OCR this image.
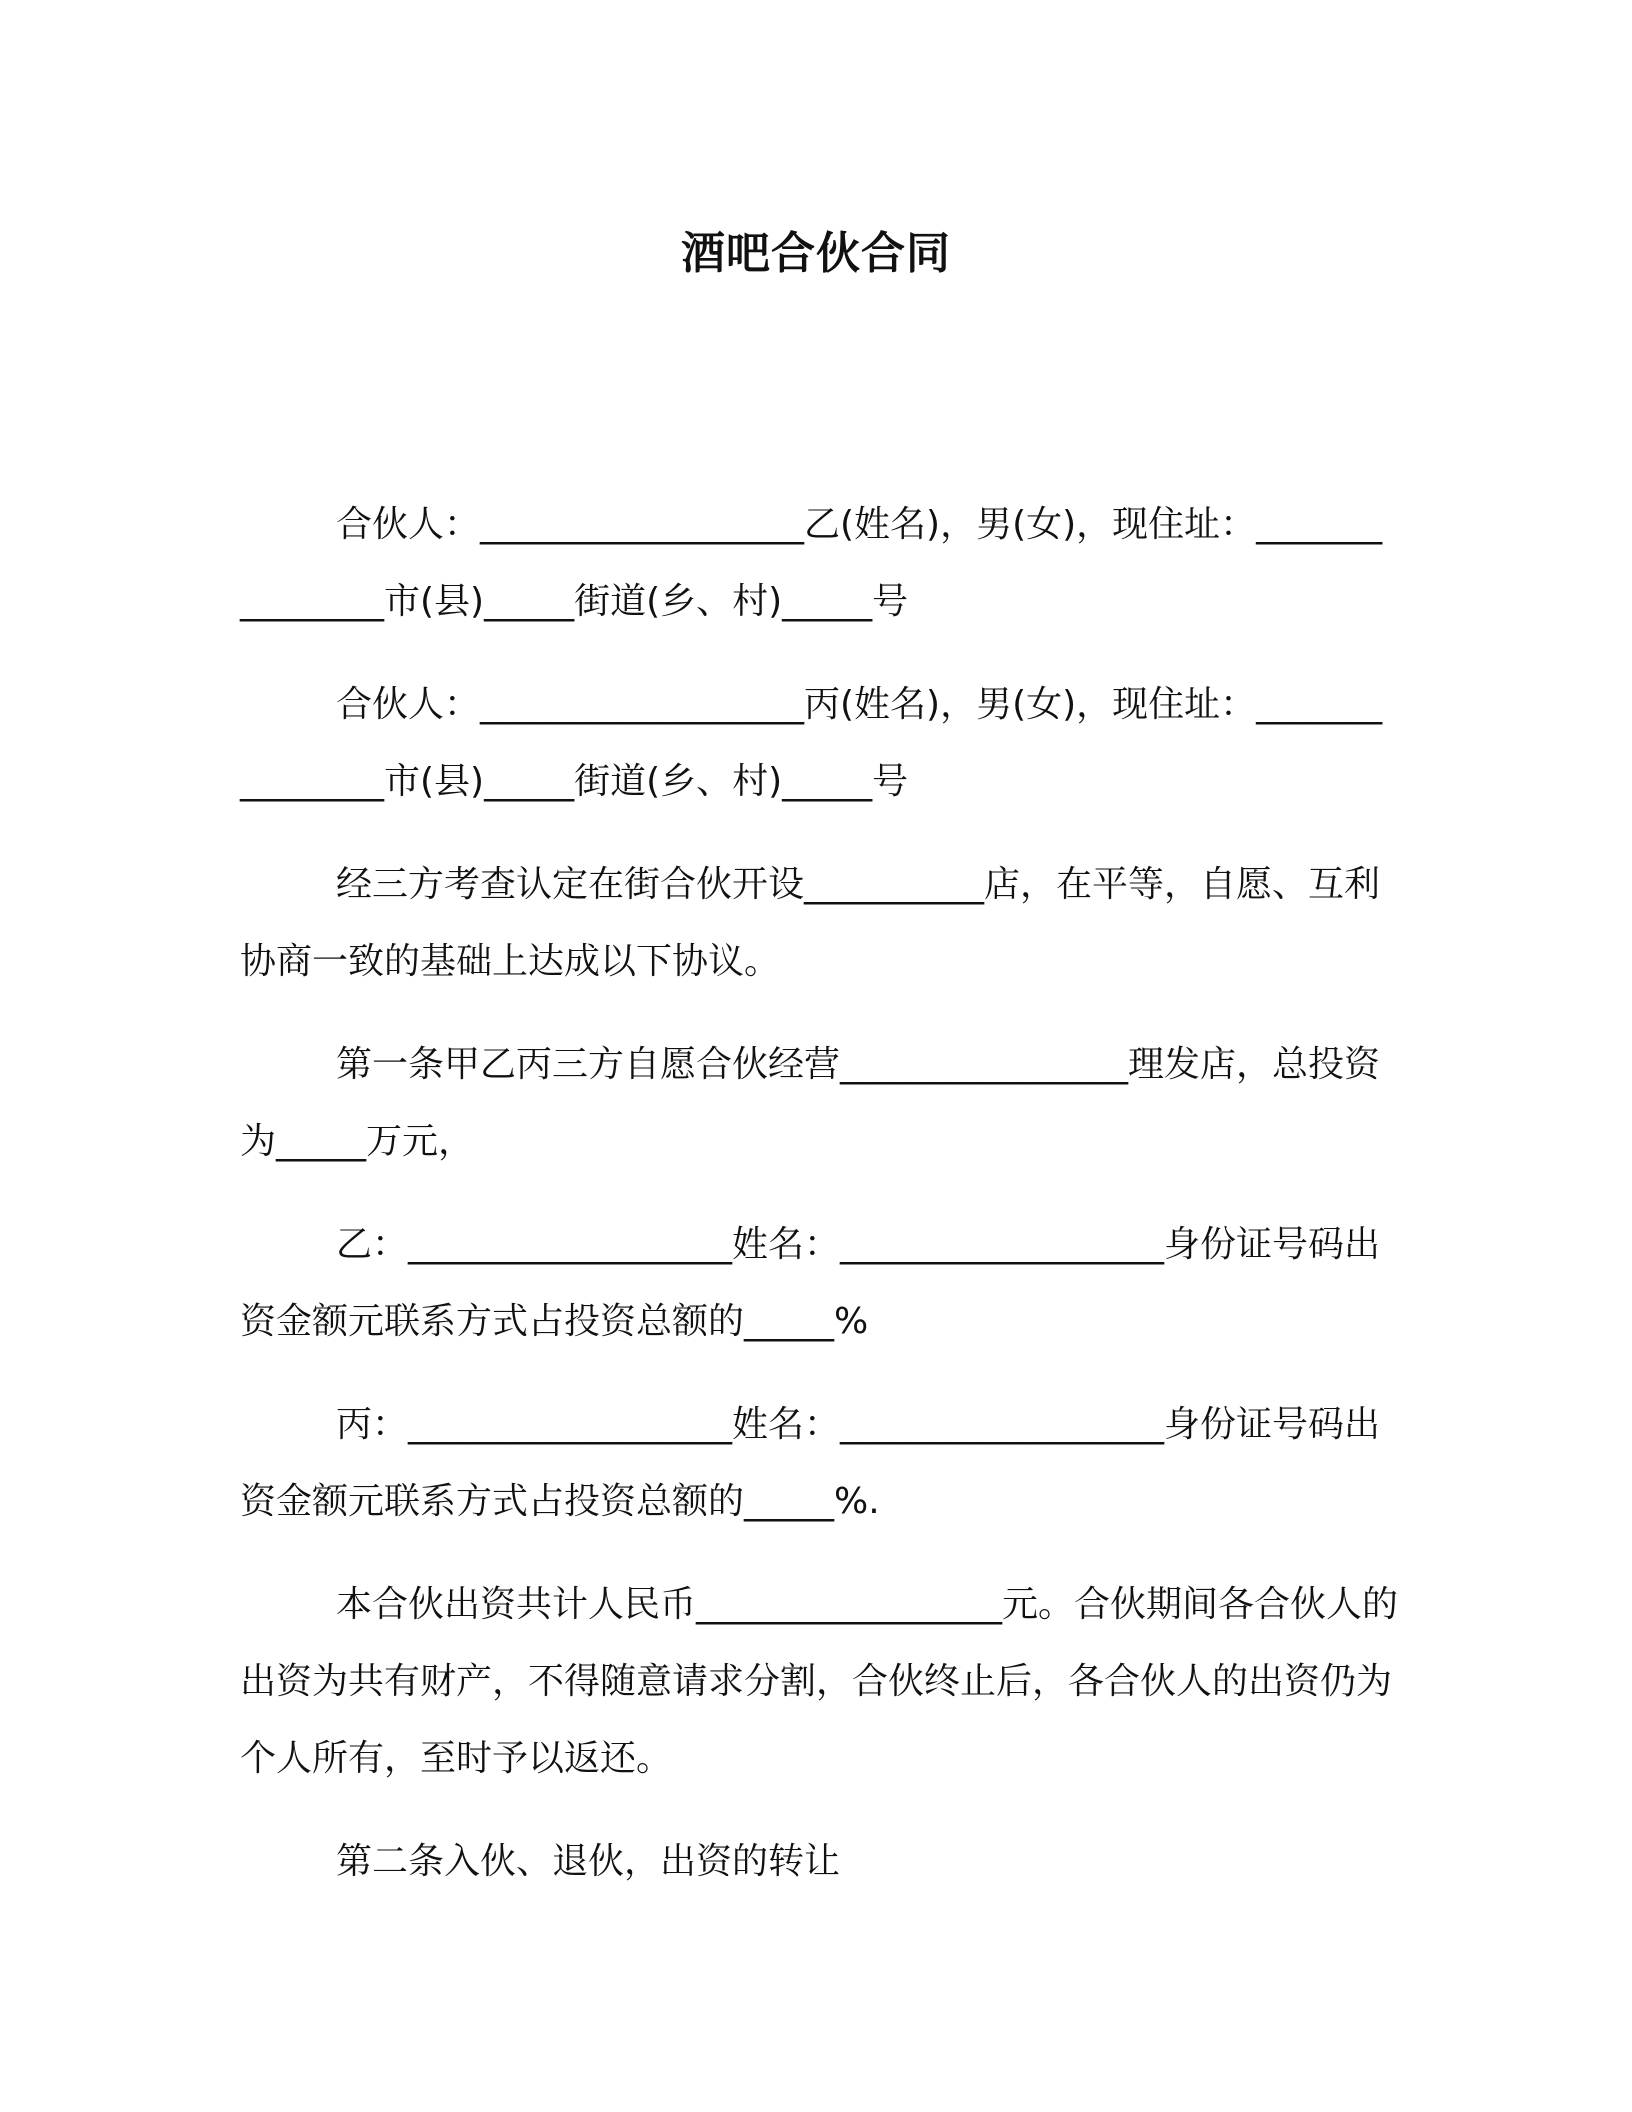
酒吧合伙合同

合伙人：__________________乙(姓名)，男(女)，现住址：_______________市(县)_____街道(乡、村)_____号

合伙人：__________________丙(姓名)，男(女)，现住址：_______________市(县)_____街道(乡、村)_____号

经三方考查认定在街合伙开设__________店，在平等，自愿、互利协商一致的基础上达成以下协议。

第一条甲乙丙三方自愿合伙经营________________理发店，总投资为_____万元，

乙：__________________姓名：__________________身份证号码出资金额元联系方式占投资总额的_____%

丙：__________________姓名：__________________身份证号码出资金额元联系方式占投资总额的_____%.

本合伙出资共计人民币_________________元。合伙期间各合伙人的出资为共有财产，不得随意请求分割，合伙终止后，各合伙人的出资仍为个人所有，至时予以返还。

第二条入伙、退伙，出资的转让
